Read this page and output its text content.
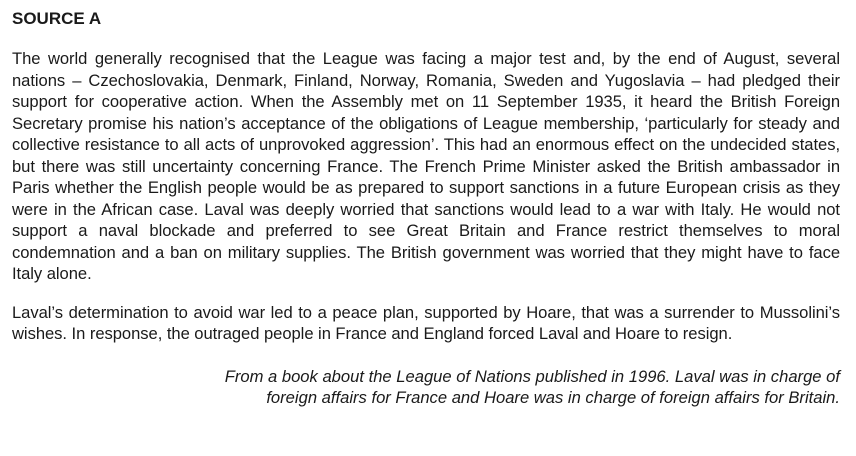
SOURCE A

The world generally recognised that the League was facing a major test and, by the end of August, several nations – Czechoslovakia, Denmark, Finland, Norway, Romania, Sweden and Yugoslavia – had pledged their support for cooperative action. When the Assembly met on 11 September 1935, it heard the British Foreign Secretary promise his nation’s acceptance of the obligations of League membership, ‘particularly for steady and collective resistance to all acts of unprovoked aggression’. This had an enormous effect on the undecided states, but there was still uncertainty concerning France. The French Prime Minister asked the British ambassador in Paris whether the English people would be as prepared to support sanctions in a future European crisis as they were in the African case. Laval was deeply worried that sanctions would lead to a war with Italy. He would not support a naval blockade and preferred to see Great Britain and France restrict themselves to moral condemnation and a ban on military supplies. The British government was worried that they might have to face Italy alone.

Laval’s determination to avoid war led to a peace plan, supported by Hoare, that was a surrender to Mussolini’s wishes. In response, the outraged people in France and England forced Laval and Hoare to resign.

From a book about the League of Nations published in 1996. Laval was in charge of
foreign affairs for France and Hoare was in charge of foreign affairs for Britain.
